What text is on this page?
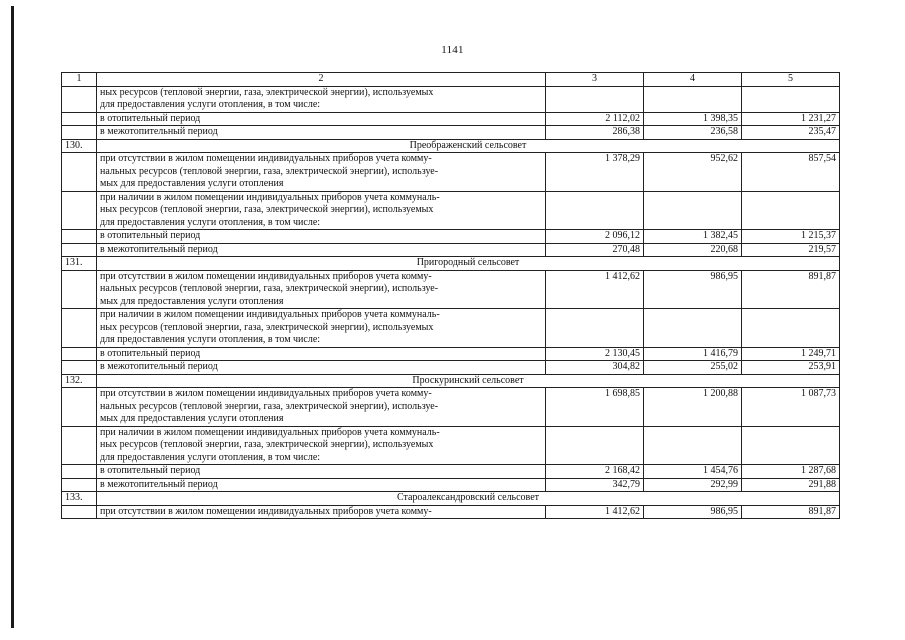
1141
1	2	3	4	5

	ных ресурсов (тепловой энергии, газа, электрической энергии), используемых
для предоставления услуги отопления, в том числе:			

	в отопительный период	2 112,02	1 398,35	1 231,27
	в межотопительный период	286,38	236,58	235,47
130.	Преображенский сельсовет			

	при отсутствии в жилом помещении индивидуальных приборов учета комму-
нальных ресурсов (тепловой энергии, газа, электрической энергии), используе-
мых для предоставления услуги отопления	1 378,29	952,62	857,54

	при наличии в жилом помещении индивидуальных приборов учета коммуналь-
ных ресурсов (тепловой энергии, газа, электрической энергии), используемых
для предоставления услуги отопления, в том числе:			

	в отопительный период	2 096,12	1 382,45	1 215,37
	в межотопительный период	270,48	220,68	219,57
131.	Пригородный сельсовет			

	при отсутствии в жилом помещении индивидуальных приборов учета комму-
нальных ресурсов (тепловой энергии, газа, электрической энергии), используе-
мых для предоставления услуги отопления	1 412,62	986,95	891,87

	при наличии в жилом помещении индивидуальных приборов учета коммуналь-
ных ресурсов (тепловой энергии, газа, электрической энергии), используемых
для предоставления услуги отопления, в том числе:			

	в отопительный период	2 130,45	1 416,79	1 249,71
	в межотопительный период	304,82	255,02	253,91
132.	Проскуринский сельсовет			

	при отсутствии в жилом помещении индивидуальных приборов учета комму-
нальных ресурсов (тепловой энергии, газа, электрической энергии), используе-
мых для предоставления услуги отопления	1 698,85	1 200,88	1 087,73

	при наличии в жилом помещении индивидуальных приборов учета коммуналь-
ных ресурсов (тепловой энергии, газа, электрической энергии), используемых
для предоставления услуги отопления, в том числе:			

	в отопительный период	2 168,42	1 454,76	1 287,68
	в межотопительный период	342,79	292,99	291,88
133.	Староалександровский сельсовет			

	при отсутствии в жилом помещении индивидуальных приборов учета комму-	1 412,62	986,95	891,87
